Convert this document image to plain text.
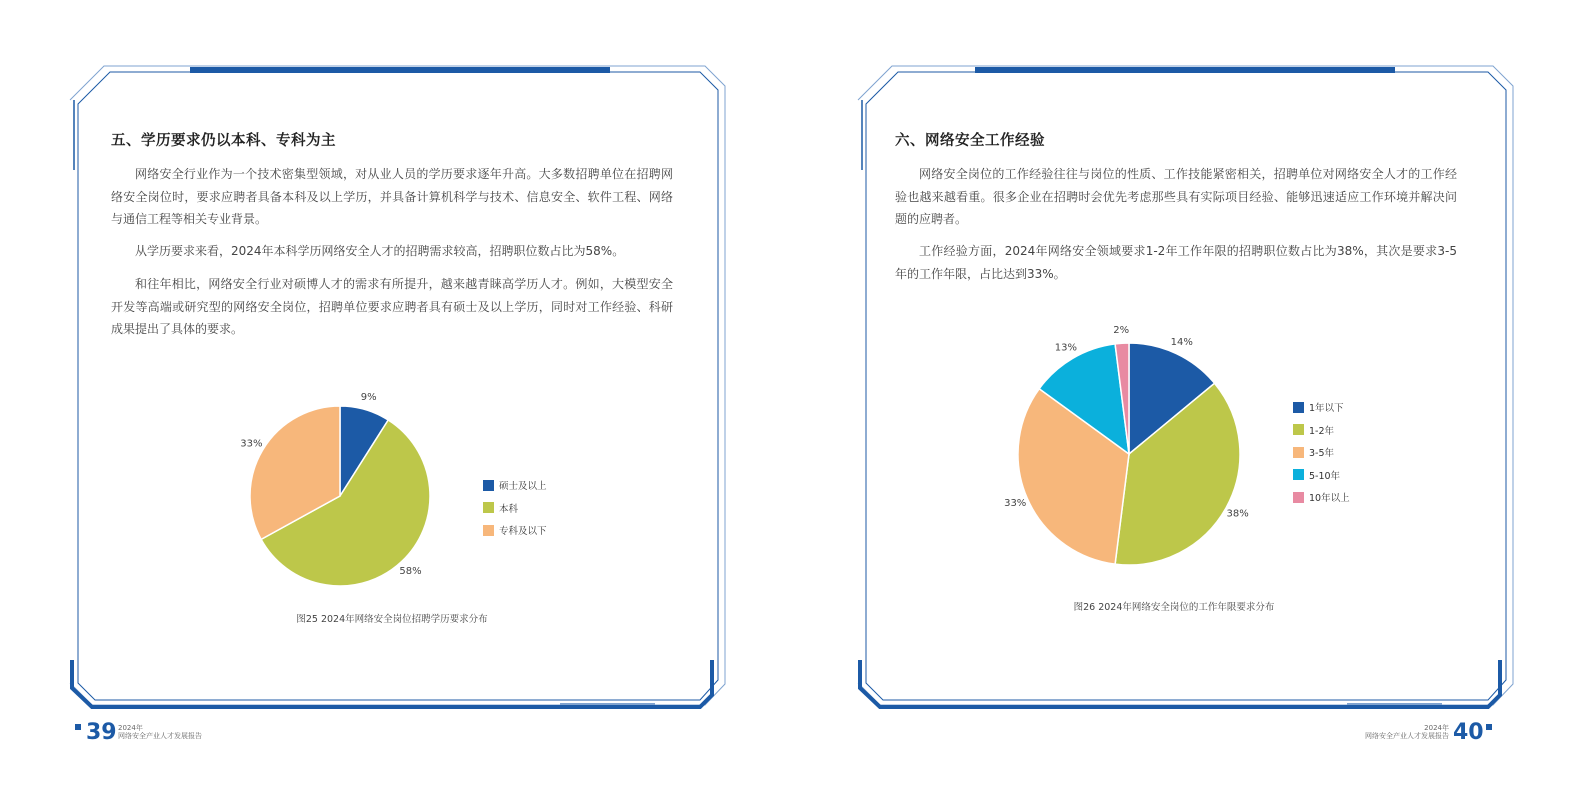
五、学历要求仍以本科、专科为主

网络安全行业作为一个技术密集型领域，对从业人员的学历要求逐年升高。大多数招聘单位在招聘网络安全岗位时，要求应聘者具备本科及以上学历，并具备计算机科学与技术、信息安全、软件工程、网络与通信工程等相关专业背景。

从学历要求来看，2024年本科学历网络安全人才的招聘需求较高，招聘职位数占比为58%。

和往年相比，网络安全行业对硕博人才的需求有所提升，越来越青睐高学历人才。例如，大模型安全开发等高端或研究型的网络安全岗位，招聘单位要求应聘者具有硕士及以上学历，同时对工作经验、科研成果提出了具体的要求。

9%
58%
33%
硕士及以上
本科
专科及以下
图25 2024年网络安全岗位招聘学历要求分布
39 2024年
网络安全产业人才发展报告
六、网络安全工作经验

网络安全岗位的工作经验往往与岗位的性质、工作技能紧密相关，招聘单位对网络安全人才的工作经验也越来越看重。很多企业在招聘时会优先考虑那些具有实际项目经验、能够迅速适应工作环境并解决问题的应聘者。

工作经验方面，2024年网络安全领域要求1-2年工作年限的招聘职位数占比为38%，其次是要求3-5年的工作年限，占比达到33%。

14%
38%
33%
13%
2%
1年以下
1-2年
3-5年
5-10年
10年以上
图26 2024年网络安全岗位的工作年限要求分布
2024年
网络安全产业人才发展报告 40
